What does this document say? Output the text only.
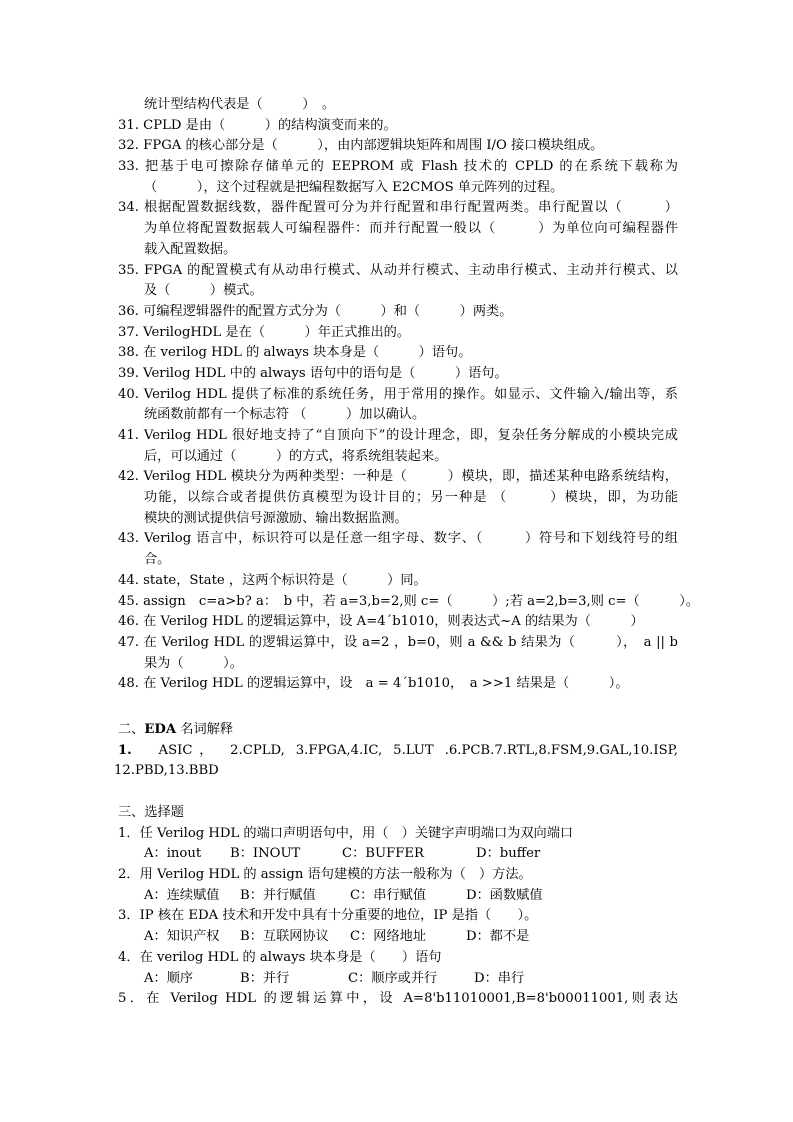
统计型结构代表是（　　　）　。
31. CPLD 是由（　　　）的结构演变而来的。
32. FPGA 的核心部分是（　　　），由内部逻辑块矩阵和周围 I/O 接口模块组成。
33. 把基于电可擦除存储单元的 EEPROM 或 Flash 技术的 CPLD 的在系统下载称为
（　　　），这个过程就是把编程数据写入 E2CMOS 单元阵列的过程。
34. 根据配置数据线数，器件配置可分为并行配置和串行配置两类。串行配置以（　　　）
为单位将配置数据载人可编程器件：而并行配置一般以（　　　）为单位向可编程器件
载入配置数据。
35. FPGA 的配置模式有从动串行模式、从动并行模式、主动串行模式、主动并行模式、以
及（　　　）模式。
36. 可编程逻辑器件的配置方式分为（　　　）和（　　　）两类。
37. VerilogHDL 是在（　　　）年正式推出的。
38. 在 verilog HDL 的 always 块本身是（　　　）语句。
39. Verilog HDL 中的 always 语句中的语句是（　　　）语句。
40. Verilog HDL 提供了标准的系统任务，用于常用的操作。如显示、文件输入/输出等，系
统函数前都有一个标志符 （　　　）加以确认。
41. Verilog HDL 很好地支持了“自顶向下”的设计理念，即，复杂任务分解成的小模块完成
后，可以通过（　　　）的方式，将系统组装起来。
42. Verilog HDL 模块分为两种类型：一种是（　　　）模块，即，描述某种电路系统结构，
功能，以综合或者提供仿真模型为设计目的；另一种是 （　　　）模块，即，为功能
模块的测试提供信号源激励、输出数据监测。
43. Verilog 语言中，标识符可以是任意一组字母、数字、（　　　）符号和下划线符号的组
合。
44. state，State ，这两个标识符是（　　　）同。
45. assign　c=a>b? a：　b 中，若 a=3,b=2,则 c=（　　　）;若 a=2,b=3,则 c=（　　　）。
46. 在 Verilog HDL 的逻辑运算中，设 A=4ˊb1010，则表达式~A 的结果为（　　　）
47. 在 Verilog HDL 的逻辑运算中，设 a=2 ，b=0，则 a && b 结果为（　　　），　a || b　
果为（　　　）。
48. 在 Verilog HDL 的逻辑运算中，设　a = 4ˊb1010，　a >>1 结果是（　　　）。
二、EDA 名词解释
1.　ASIC， 2.CPLD, 3.FPGA,4.IC, 5.LUT .6.PCB.7.RTL,8.FSM,9.GAL,10.ISP,
12.PBD,13.BBD
三、选择题
1．任 Verilog HDL 的端口声明语句中，用（　）关键字声明端口为双向端口
A：inout B：INOUT	C：BUFFER	D：buffer
2．用 Verilog HDL 的 assign 语句建模的方法一般称为（　）方法。
A：连续赋值 B：并行赋值	C：串行赋值	D：函数赋值
3．IP 核在 EDA 技术和开发中具有十分重要的地位，IP 是指（　　）。
A：知识产权 B：互联网协议 C：网络地址	D：都不是
4．在 verilog HDL 的 always 块本身是（　　）语句
A：顺序	B：并行	C：顺序或并行	D：串行
5．在 Verilog HDL 的逻辑运算中，设 A=8'b11010001,B=8'b00011001,则表达
